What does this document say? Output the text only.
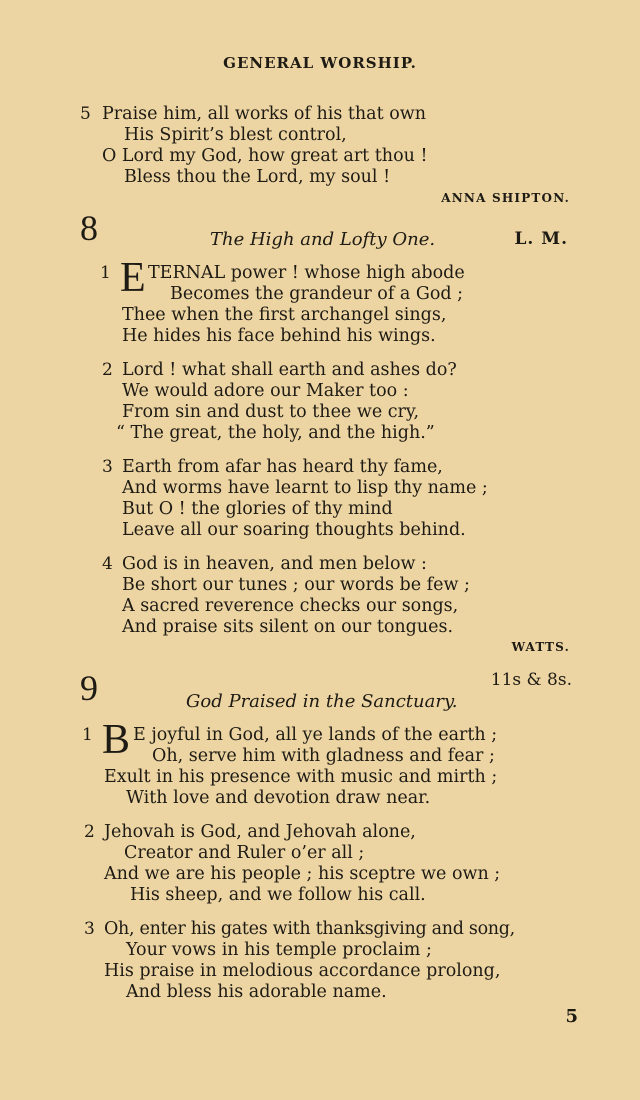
GENERAL WORSHIP.
5 Praise him, all works of his that own
His Spirit’s blest control,
O Lord my God, how great art thou !
Bless thou the Lord, my soul !
ANNA SHIPTON.
8	The High and Lofty One.	L. M.
1 E TERNAL power ! whose high abode
Becomes the grandeur of a God ;
Thee when the first archangel sings,
He hides his face behind his wings.
2 Lord ! what shall earth and ashes do?
We would adore our Maker too :
From sin and dust to thee we cry,
“ The great, the holy, and the high.”
3 Earth from afar has heard thy fame,
And worms have learnt to lisp thy name ;
But O ! the glories of thy mind
Leave all our soaring thoughts behind.
4 God is in heaven, and men below :
Be short our tunes ; our words be few ;
A sacred reverence checks our songs,
And praise sits silent on our tongues.
WATTS.
9	11s & 8s.
God Praised in the Sanctuary.
1 B E joyful in God, all ye lands of the earth ;
Oh, serve him with gladness and fear ;
Exult in his presence with music and mirth ;
With love and devotion draw near.
2 Jehovah is God, and Jehovah alone,
Creator and Ruler o’er all ;
And we are his people ; his sceptre we own ;
His sheep, and we follow his call.
3 Oh, enter his gates with thanksgiving and song,
Your vows in his temple proclaim ;
His praise in melodious accordance prolong,
And bless his adorable name.
5
